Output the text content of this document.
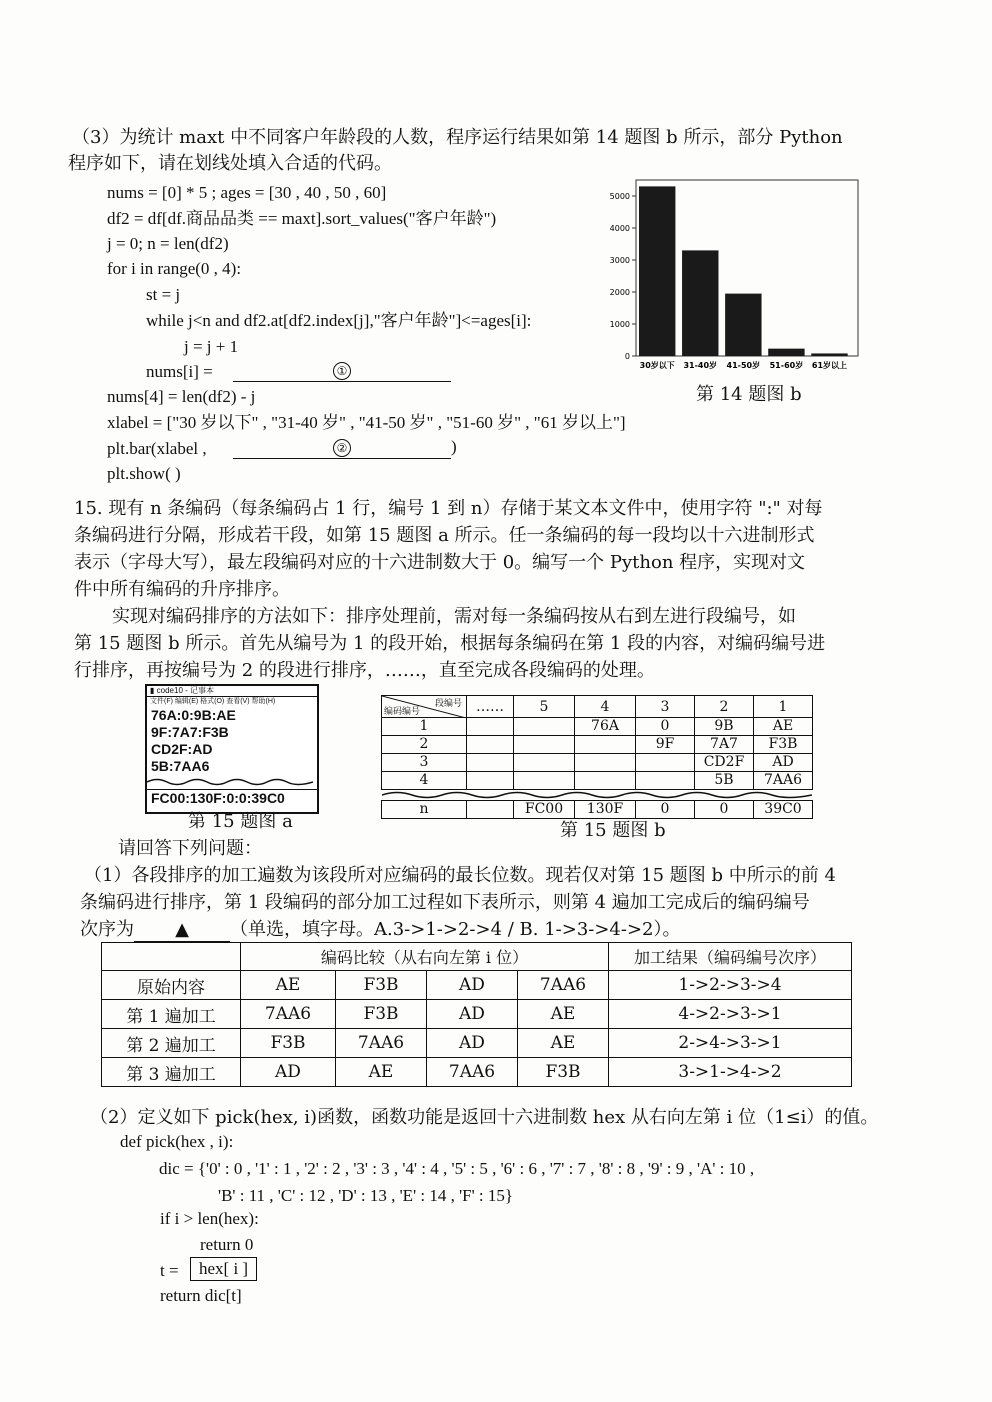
（3）为统计 maxt 中不同客户年龄段的人数，程序运行结果如第 14 题图 b 所示，部分 Python
程序如下，请在划线处填入合适的代码。
nums = [0] * 5 ; ages = [30 , 40 , 50 , 60]
df2 = df[df.商品品类 == maxt].sort_values("客户年龄")
j = 0; n = len(df2)
for i in range(0 , 4):
st = j
while j<n and df2.at[df2.index[j],"客户年龄"]<=ages[i]:
j = j + 1
nums[i] =	①
nums[4] = len(df2) - j
xlabel = ["30 岁以下" , "31-40 岁" , "41-50 岁" , "51-60 岁" , "61 岁以上"]
plt.bar(xlabel ,	②	)
plt.show( )
0
1000
2000
3000
4000
5000
30岁以下 31-40岁 41-50岁 51-60岁 61岁以上
第 14 题图 b
15. 现有 n 条编码（每条编码占 1 行，编号 1 到 n）存储于某文本文件中，使用字符 ":" 对每
条编码进行分隔，形成若干段，如第 15 题图 a 所示。任一条编码的每一段均以十六进制形式
表示（字母大写），最左段编码对应的十六进制数大于 0。编写一个 Python 程序，实现对文
件中所有编码的升序排序。
实现对编码排序的方法如下：排序处理前，需对每一条编码按从右到左进行段编号，如
第 15 题图 b 所示。首先从编号为 1 的段开始，根据每条编码在第 1 段的内容，对编码编号进
行排序，再按编号为 2 的段进行排序，……，直至完成各段编码的处理。
▮ code10 - 记事本
文件(F) 编辑(E) 格式(O) 查看(V) 帮助(H)
76A:0:9B:AE
9F:7A7:F3B
CD2F:AD
5B:7AA6
FC00:130F:0:0:39C0
第 15 题图 a
段编号
编码编号	……	5	4	3	2	1
1			76A	0	9B	AE
2				9F	7A7	F3B
3					CD2F	AD
4					5B	7AA6

n		FC00	130F	0	0	39C0
第 15 题图 b
请回答下列问题：
（1）各段排序的加工遍数为该段所对应编码的最长位数。现若仅对第 15 题图 b 中所示的前 4
条编码进行排序，第 1 段编码的部分加工过程如下表所示，则第 4 遍加工完成后的编码编号
次序为 ▲ （单选，填字母。A.3->1->2->4 / B. 1->3->4->2）。
	编码比较（从右向左第 i 位）				加工结果（编码编号次序）
原始内容	AE	F3B	AD	7AA6	1->2->3->4
第 1 遍加工	7AA6	F3B	AD	AE	4->2->3->1
第 2 遍加工	F3B	7AA6	AD	AE	2->4->3->1
第 3 遍加工	AD	AE	7AA6	F3B	3->1->4->2
（2）定义如下 pick(hex, i)函数，函数功能是返回十六进制数 hex 从右向左第 i 位（1≤i）的值。
def pick(hex , i):
dic = {'0' : 0 , '1' : 1 , '2' : 2 , '3' : 3 , '4' : 4 , '5' : 5 , '6' : 6 , '7' : 7 , '8' : 8 , '9' : 9 , 'A' : 10 ,
'B' : 11 , 'C' : 12 , 'D' : 13 , 'E' : 14 , 'F' : 15}
if i > len(hex):
return 0
t =	hex[ i ]
return dic[t]
